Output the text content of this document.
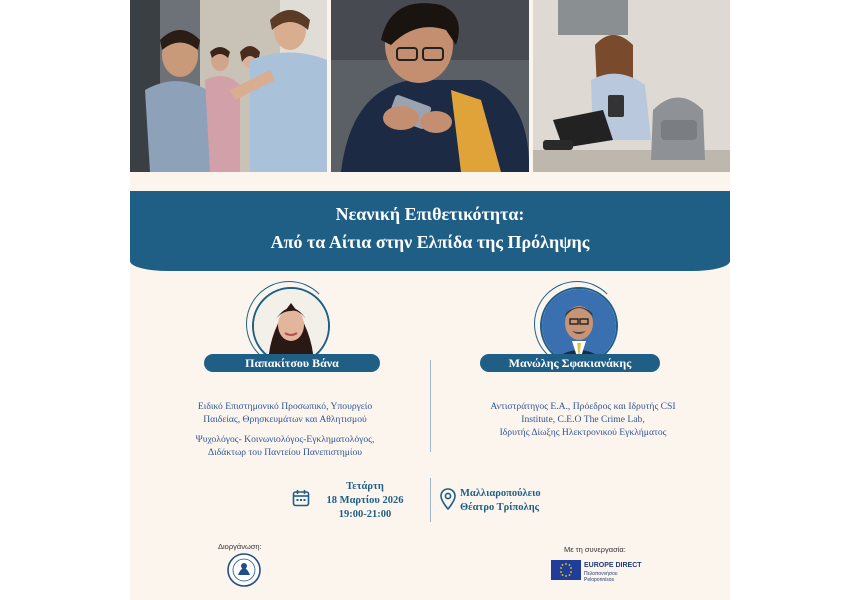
Νεανική Επιθετικότητα:
Από τα Αίτια στην Ελπίδα της Πρόληψης
Παπακίτσου Βάνα
Ειδικό Επιστημονικό Προσωπικό, Υπουργείο
Παιδείας, Θρησκευμάτων και Αθλητισμού
Ψυχολόγος- Κοινωνιολόγος-Εγκληματολόγος,
Διδάκτωρ του Παντείου Πανεπιστημίου
Μανώλης Σφακιανάκης
Αντιστράτηγος Ε.Α., Πρόεδρος και Ιδρυτής CSI
Institute, C.E.O The Crime Lab,
Ιδρυτής Δίωξης Ηλεκτρονικού Εγκλήματος
Τετάρτη
18 Μαρτίου 2026
19:00-21:00
Μαλλιαροπούλειο
Θέατρο Τρίπολης
Διοργάνωση:	Με τη συνεργασία:
EUROPE DIRECT
Πελοποννήσου
Peloponnisos
